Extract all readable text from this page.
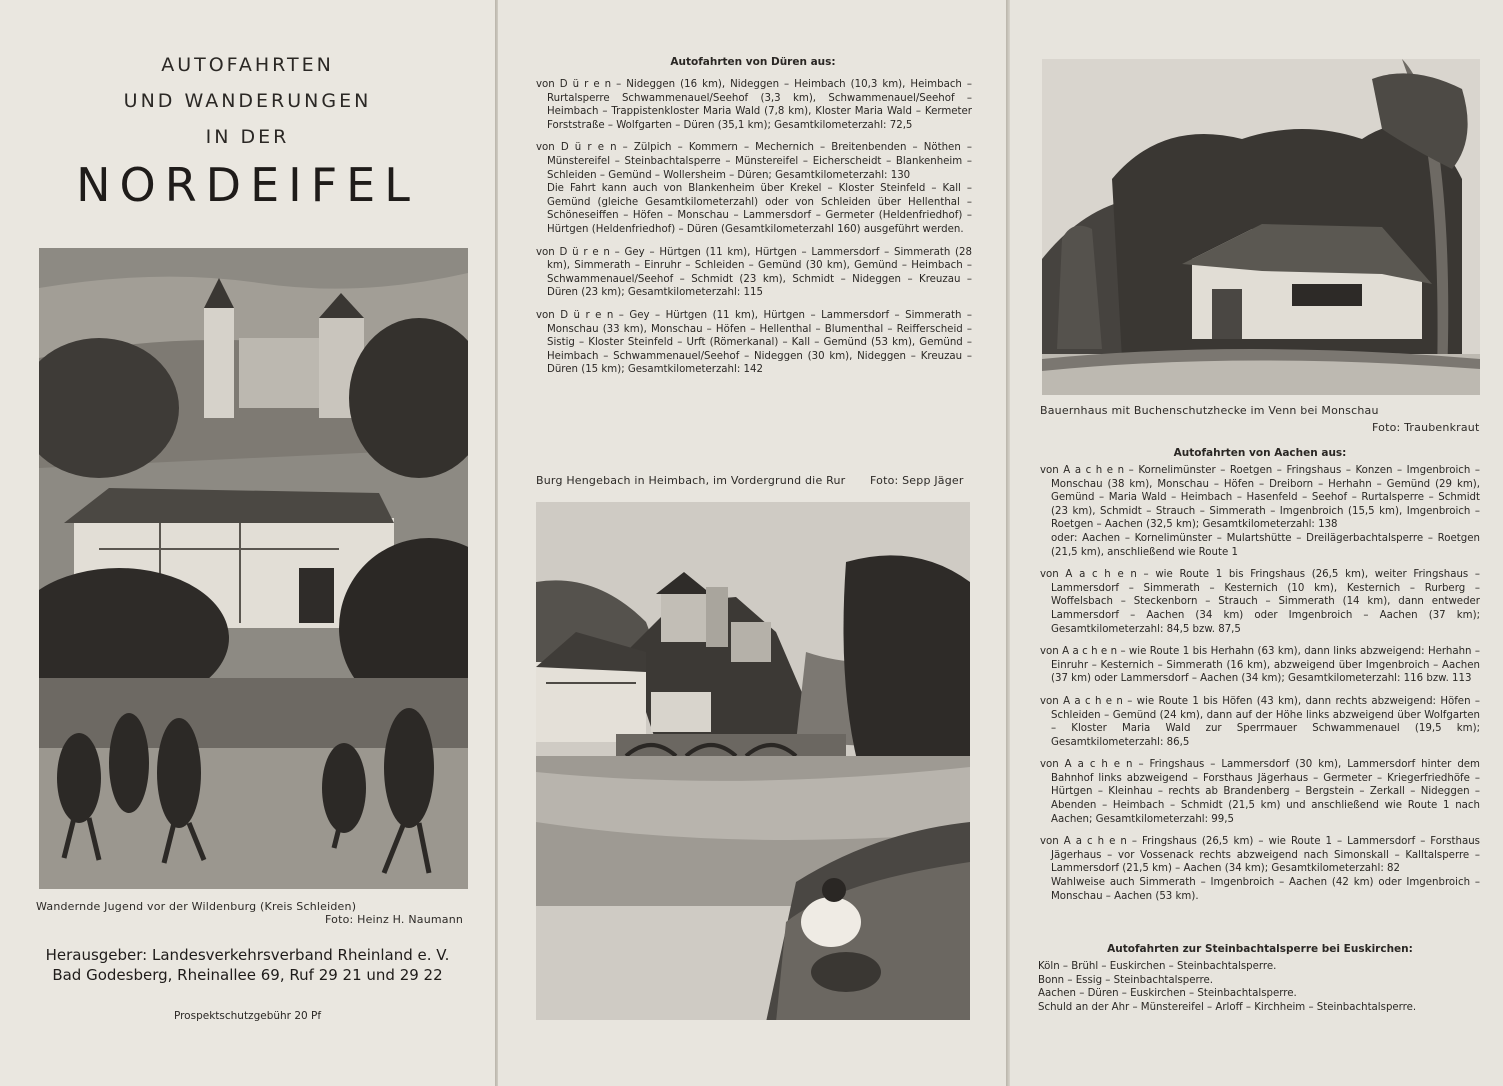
AUTOFAHRTEN
UND WANDERUNGEN
IN DER
NORDEIFEL
Wandernde Jugend vor der Wildenburg (Kreis Schleiden)
Foto: Heinz H. Naumann
Herausgeber: Landesverkehrsverband Rheinland e. V.
Bad Godesberg, Rheinallee 69, Ruf 29 21 und 29 22
Prospektschutzgebühr 20 Pf
Autofahrten von Düren aus:

von D ü r e n – Nideggen (16 km), Nideggen – Heimbach (10,3 km), Heimbach – Rurtalsperre Schwammenauel/Seehof (3,3 km), Schwammenauel/Seehof – Heimbach – Trappistenkloster Maria Wald (7,8 km), Kloster Maria Wald – Kermeter Forststraße – Wolfgarten – Düren (35,1 km); Gesamtkilometerzahl: 72,5

von D ü r e n – Zülpich – Kommern – Mechernich – Breitenbenden – Nöthen – Münstereifel – Steinbachtalsperre – Münstereifel – Eicherscheidt – Blankenheim – Schleiden – Gemünd – Wollersheim – Düren; Gesamtkilometerzahl: 130

Die Fahrt kann auch von Blankenheim über Krekel – Kloster Steinfeld – Kall – Gemünd (gleiche Gesamtkilometerzahl) oder von Schleiden über Hellenthal – Schöneseiffen – Höfen – Monschau – Lammersdorf – Germeter (Heldenfriedhof) – Hürtgen (Heldenfriedhof) – Düren (Gesamtkilometerzahl 160) ausgeführt werden.

von D ü r e n – Gey – Hürtgen (11 km), Hürtgen – Lammersdorf – Simmerath (28 km), Simmerath – Einruhr – Schleiden – Gemünd (30 km), Gemünd – Heimbach – Schwammenauel/Seehof – Schmidt (23 km), Schmidt – Nideggen – Kreuzau – Düren (23 km); Gesamtkilometerzahl: 115

von D ü r e n – Gey – Hürtgen (11 km), Hürtgen – Lammersdorf – Simmerath – Monschau (33 km), Monschau – Höfen – Hellenthal – Blumenthal – Reifferscheid – Sistig – Kloster Steinfeld – Urft (Römerkanal) – Kall – Gemünd (53 km), Gemünd – Heimbach – Schwammenauel/Seehof – Nideggen (30 km), Nideggen – Kreuzau – Düren (15 km); Gesamtkilometerzahl: 142

Burg Hengebach in Heimbach, im Vordergrund die Rur Foto: Sepp Jäger
Bauernhaus mit Buchenschutzhecke im Venn bei Monschau
Foto: Traubenkraut
Autofahrten von Aachen aus:

von A a c h e n – Kornelimünster – Roetgen – Fringshaus – Konzen – Imgenbroich – Monschau (38 km), Monschau – Höfen – Dreiborn – Herhahn – Gemünd (29 km), Gemünd – Maria Wald – Heimbach – Hasenfeld – Seehof – Rurtalsperre – Schmidt (23 km), Schmidt – Strauch – Simmerath – Imgenbroich (15,5 km), Imgenbroich – Roetgen – Aachen (32,5 km); Gesamtkilometerzahl: 138

oder: Aachen – Kornelimünster – Mulartshütte – Dreilägerbachtalsperre – Roetgen (21,5 km), anschließend wie Route 1

von A a c h e n – wie Route 1 bis Fringshaus (26,5 km), weiter Fringshaus – Lammersdorf – Simmerath – Kesternich (10 km), Kesternich – Rurberg – Woffelsbach – Steckenborn – Strauch – Simmerath (14 km), dann entweder Lammersdorf – Aachen (34 km) oder Imgenbroich – Aachen (37 km); Gesamtkilometerzahl: 84,5 bzw. 87,5

von A a c h e n – wie Route 1 bis Herhahn (63 km), dann links abzweigend: Herhahn – Einruhr – Kesternich – Simmerath (16 km), abzweigend über Imgenbroich – Aachen (37 km) oder Lammersdorf – Aachen (34 km); Gesamtkilometerzahl: 116 bzw. 113

von A a c h e n – wie Route 1 bis Höfen (43 km), dann rechts abzweigend: Höfen – Schleiden – Gemünd (24 km), dann auf der Höhe links abzweigend über Wolfgarten – Kloster Maria Wald zur Sperrmauer Schwammenauel (19,5 km); Gesamtkilometerzahl: 86,5

von A a c h e n – Fringshaus – Lammersdorf (30 km), Lammersdorf hinter dem Bahnhof links abzweigend – Forsthaus Jägerhaus – Germeter – Kriegerfriedhöfe – Hürtgen – Kleinhau – rechts ab Brandenberg – Bergstein – Zerkall – Nideggen – Abenden – Heimbach – Schmidt (21,5 km) und anschließend wie Route 1 nach Aachen; Gesamtkilometerzahl: 99,5

von A a c h e n – Fringshaus (26,5 km) – wie Route 1 – Lammersdorf – Forsthaus Jägerhaus – vor Vossenack rechts abzweigend nach Simonskall – Kalltalsperre – Lammersdorf (21,5 km) – Aachen (34 km); Gesamtkilometerzahl: 82

Wahlweise auch Simmerath – Imgenbroich – Aachen (42 km) oder Imgenbroich – Monschau – Aachen (53 km).

Autofahrten zur Steinbachtalsperre bei Euskirchen:

Köln – Brühl – Euskirchen – Steinbachtalsperre.

Bonn – Essig – Steinbachtalsperre.

Aachen – Düren – Euskirchen – Steinbachtalsperre.

Schuld an der Ahr – Münstereifel – Arloff – Kirchheim – Steinbachtalsperre.
